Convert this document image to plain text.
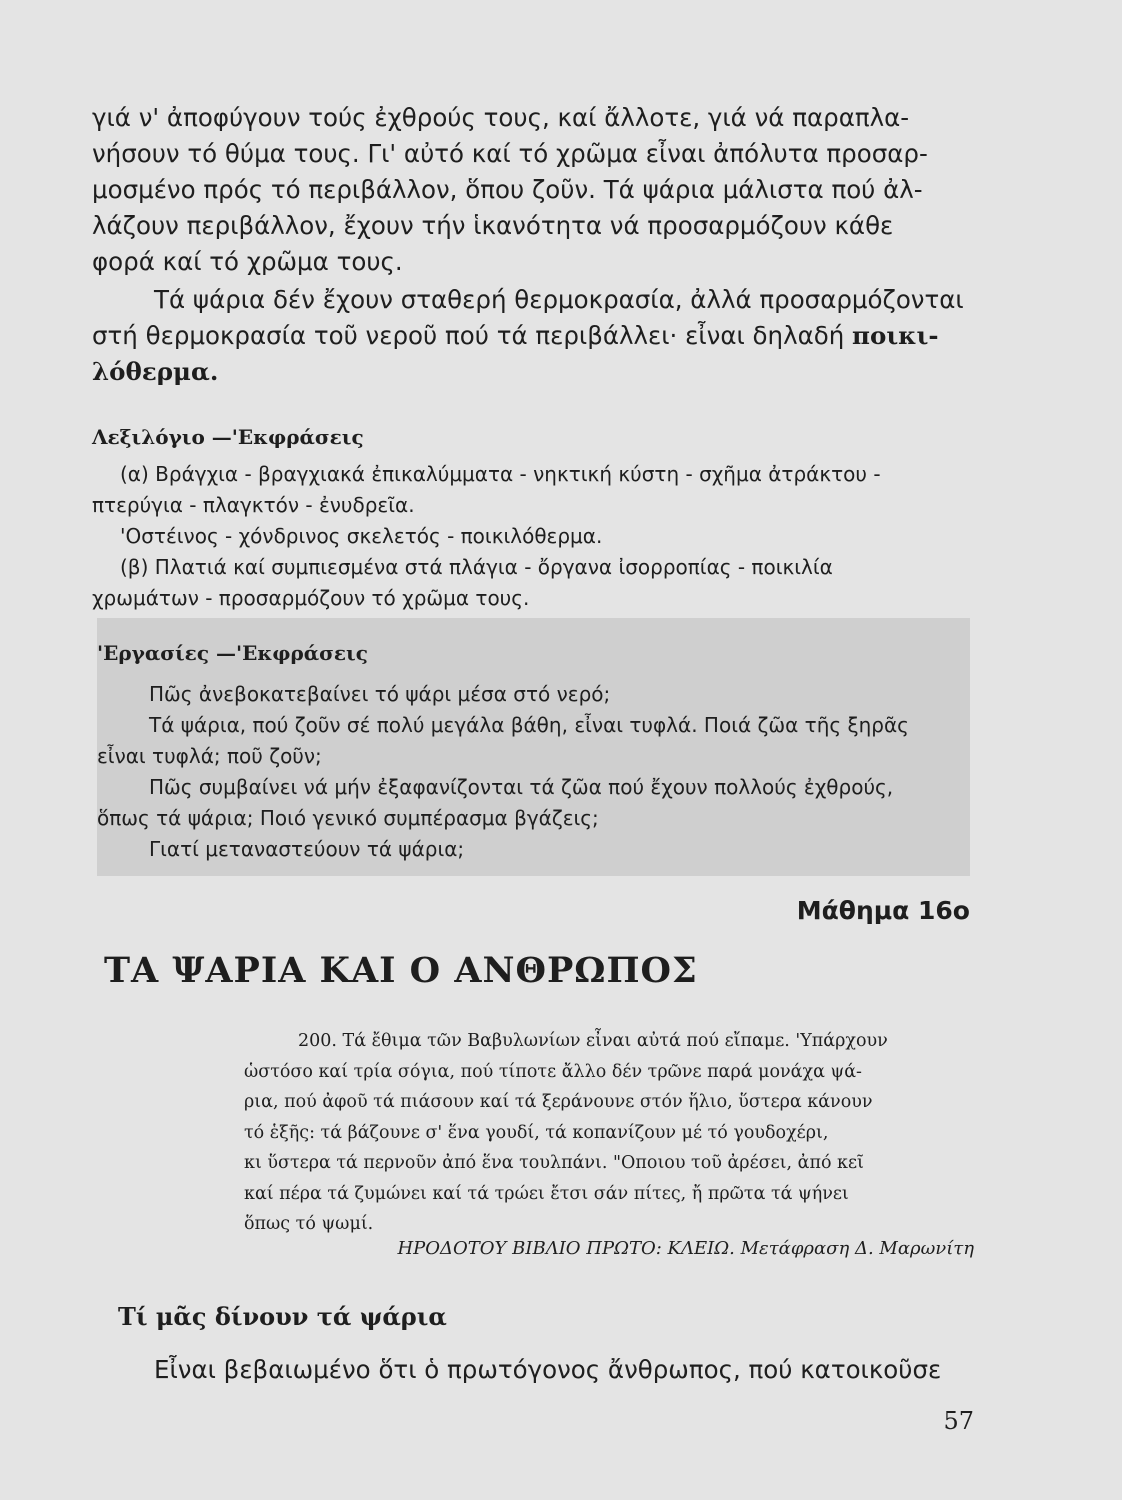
γιά ν' ἀποφύγουν τούς ἐχθρούς τους, καί ἄλλοτε, γιά νά παραπλα-

νήσουν τό θύμα τους. Γι' αὐτό καί τό χρῶμα εἶναι ἀπόλυτα προσαρ-

μοσμένο πρός τό περιβάλλον, ὅπου ζοῦν. Τά ψάρια μάλιστα πού ἀλ-

λάζουν περιβάλλον, ἔχουν τήν ἱκανότητα νά προσαρμόζουν κάθε

φορά καί τό χρῶμα τους.

Τά ψάρια δέν ἔχουν σταθερή θερμοκρασία, ἀλλά προσαρμόζονται

στή θερμοκρασία τοῦ νεροῦ πού τά περιβάλλει· εἶναι δηλαδή ποικι-

λόθερμα.

Λεξιλόγιο —'Εκφράσεις

(α) Βράγχια - βραγχιακά ἐπικαλύμματα - νηκτική κύστη - σχῆμα ἀτράκτου -

πτερύγια - πλαγκτόν - ἐνυδρεῖα.

'Οστέινος - χόνδρινος σκελετός - ποικιλόθερμα.

(β) Πλατιά καί συμπιεσμένα στά πλάγια - ὄργανα ἰσορροπίας - ποικιλία

χρωμάτων - προσαρμόζουν τό χρῶμα τους.

'Εργασίες —'Εκφράσεις

Πῶς ἀνεβοκατεβαίνει τό ψάρι μέσα στό νερό;

Τά ψάρια, πού ζοῦν σέ πολύ μεγάλα βάθη, εἶναι τυφλά. Ποιά ζῶα τῆς ξηρᾶς

εἶναι τυφλά; ποῦ ζοῦν;

Πῶς συμβαίνει νά μήν ἐξαφανίζονται τά ζῶα πού ἔχουν πολλούς ἐχθρούς,

ὅπως τά ψάρια; Ποιό γενικό συμπέρασμα βγάζεις;

Γιατί μεταναστεύουν τά ψάρια;

Μάθημα 16ο
ΤΑ ΨΑΡΙΑ ΚΑΙ Ο ΑΝΘΡΩΠΟΣ

200. Τά ἔθιμα τῶν Βαβυλωνίων εἶναι αὐτά πού εἴπαμε. 'Υπάρχουν

ὡστόσο καί τρία σόγια, πού τίποτε ἄλλο δέν τρῶνε παρά μονάχα ψά-

ρια, πού ἀφοῦ τά πιάσουν καί τά ξεράνουνε στόν ἥλιο, ὕστερα κάνουν

τό ἑξῆς: τά βάζουνε σ' ἕνα γουδί, τά κοπανίζουν μέ τό γουδοχέρι,

κι ὕστερα τά περνοῦν ἀπό ἕνα τουλπάνι. "Οποιου τοῦ ἀρέσει, ἀπό κεῖ

καί πέρα τά ζυμώνει καί τά τρώει ἔτσι σάν πίτες, ἤ πρῶτα τά ψήνει

ὅπως τό ψωμί.

ΗΡΟΔΟΤΟΥ ΒΙΒΛΙΟ ΠΡΩΤΟ: ΚΛΕΙΩ. Μετάφραση Δ. Μαρωνίτη
Τί μᾶς δίνουν τά ψάρια

Εἶναι βεβαιωμένο ὅτι ὁ πρωτόγονος ἄνθρωπος, πού κατοικοῦσε

57
